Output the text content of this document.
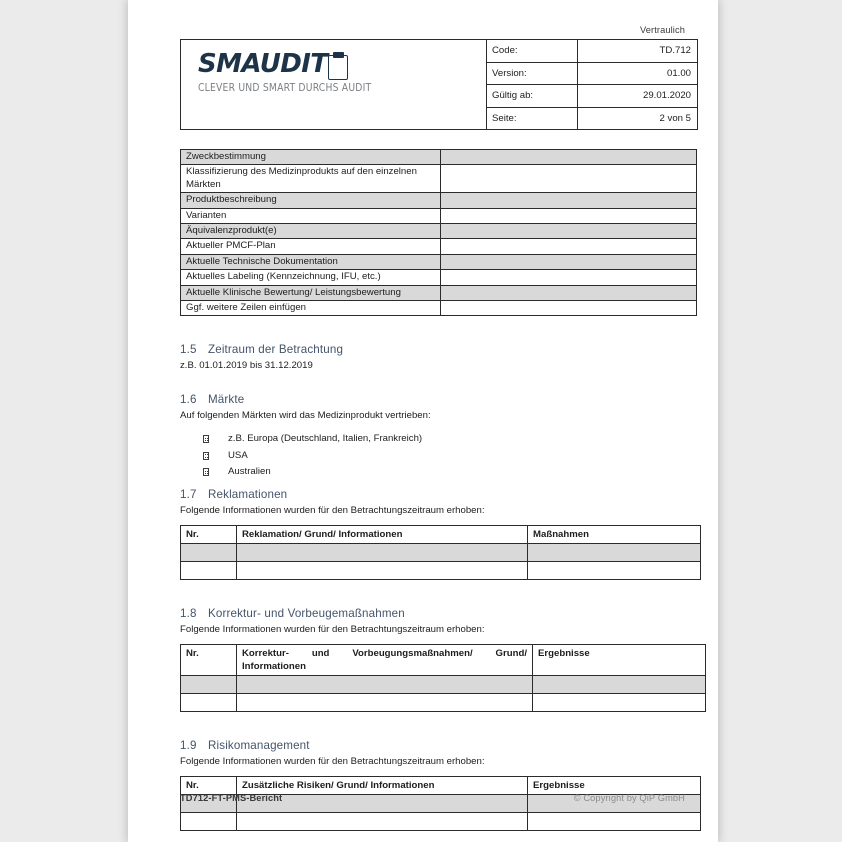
Vertraulich
SMAUDIT
CLEVER UND SMART DURCHS AUDIT	Code:	TD.712
	Version:	01.00
	Gültig ab:	29.01.2020
	Seite:	2 von 5
Zweckbestimmung	
Klassifizierung des Medizinprodukts auf den einzelnen Märkten	
Produktbeschreibung	
Varianten	
Äquivalenzprodukt(e)	
Aktueller PMCF-Plan	
Aktuelle Technische Dokumentation	
Aktuelles Labeling (Kennzeichnung, IFU, etc.)	
Aktuelle Klinische Bewertung/ Leistungsbewertung	
Ggf. weitere Zeilen einfügen	
1.5 Zeitraum der Betrachtung

z.B. 01.01.2019 bis 31.12.2019

1.6 Märkte

Auf folgenden Märkten wird das Medizinprodukt vertrieben:

z.B. Europa (Deutschland, Italien, Frankreich)
USA
Australien
1.7 Reklamationen

Folgende Informationen wurden für den Betrachtungszeitraum erhoben:

Nr.	Reklamation/ Grund/ Informationen	Maßnahmen

1.8 Korrektur- und Vorbeugemaßnahmen

Folgende Informationen wurden für den Betrachtungszeitraum erhoben:

Nr.	Korrektur- und Vorbeugungsmaßnahmen/ Grund/ Informationen	Ergebnisse

1.9 Risikomanagement

Folgende Informationen wurden für den Betrachtungszeitraum erhoben:

Nr.	Zusätzliche Risiken/ Grund/ Informationen	Ergebnisse

TD712-FT-PMS-Bericht	© Copyright by QiP GmbH
